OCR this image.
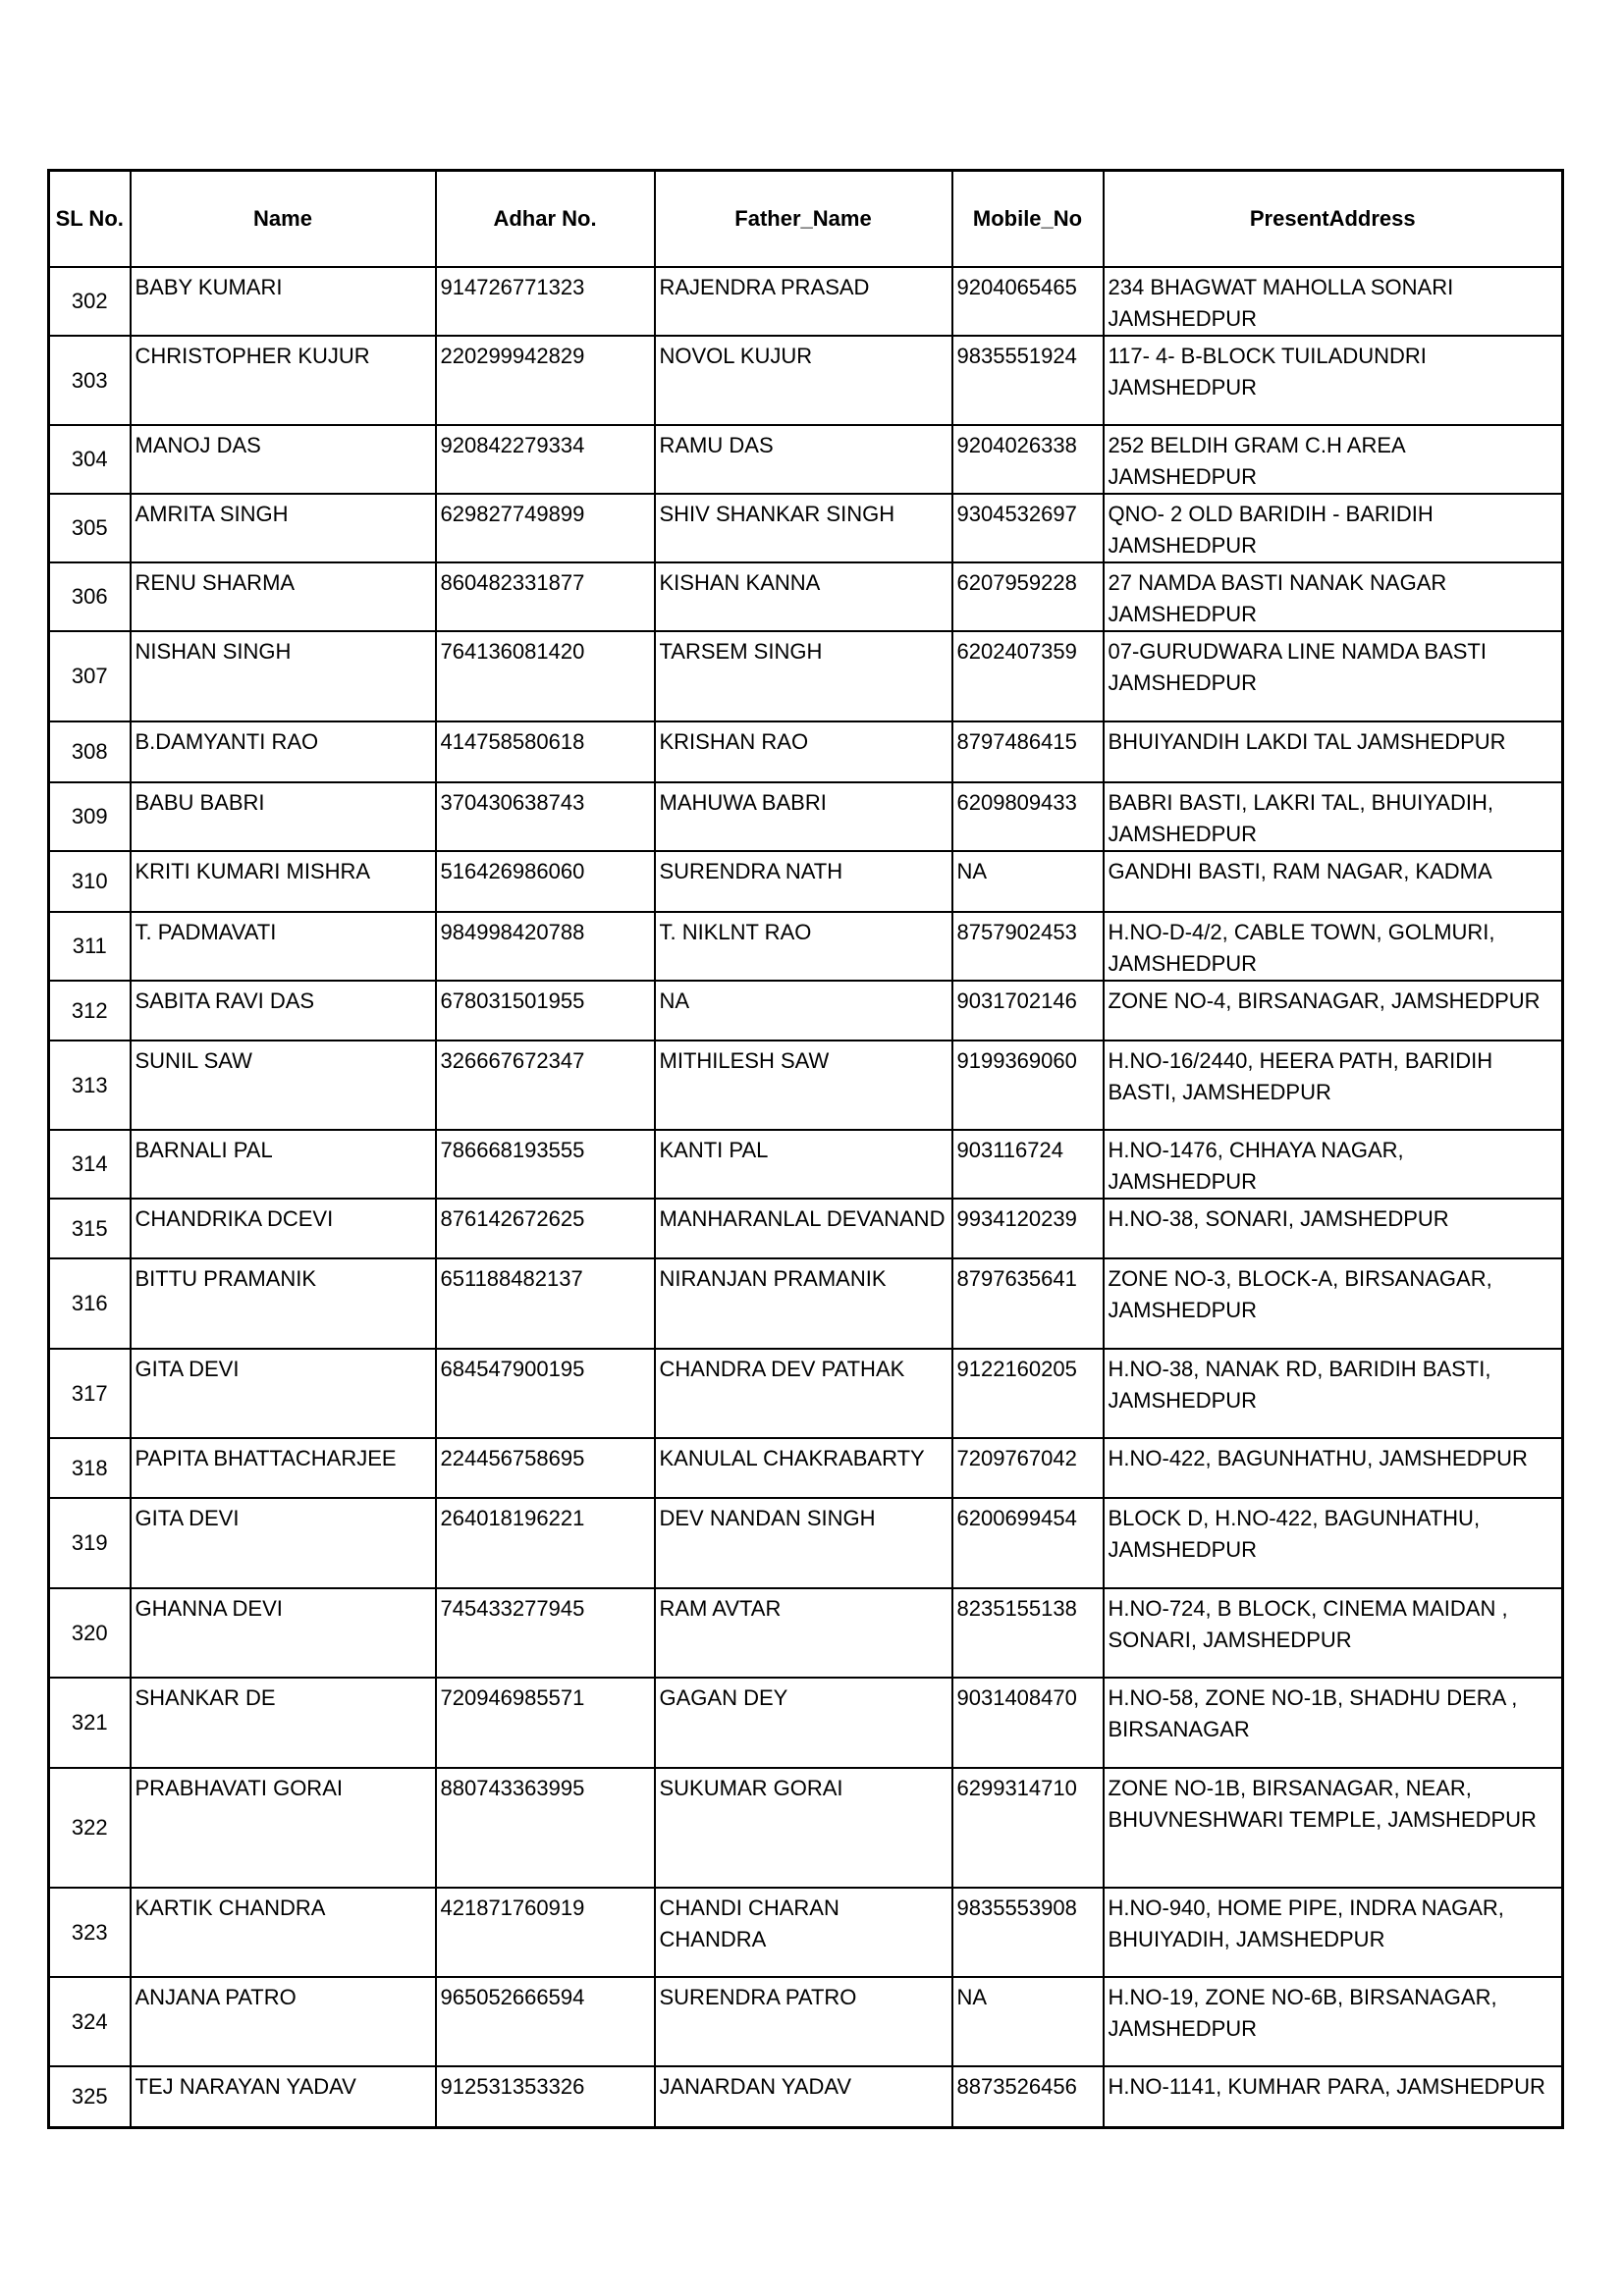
SL No.	Name	Adhar No.	Father_Name	Mobile_No	PresentAddress
302	BABY KUMARI	914726771323	RAJENDRA PRASAD	9204065465	234 BHAGWAT MAHOLLA SONARI JAMSHEDPUR
303	CHRISTOPHER KUJUR	220299942829	NOVOL KUJUR	9835551924	117- 4- B-BLOCK TUILADUNDRI JAMSHEDPUR
304	MANOJ DAS	920842279334	RAMU DAS	9204026338	252 BELDIH GRAM C.H AREA JAMSHEDPUR
305	AMRITA SINGH	629827749899	SHIV SHANKAR SINGH	9304532697	QNO- 2 OLD BARIDIH - BARIDIH JAMSHEDPUR
306	RENU SHARMA	860482331877	KISHAN KANNA	6207959228	27 NAMDA BASTI NANAK NAGAR JAMSHEDPUR
307	NISHAN SINGH	764136081420	TARSEM SINGH	6202407359	07-GURUDWARA LINE NAMDA BASTI JAMSHEDPUR
308	B.DAMYANTI RAO	414758580618	KRISHAN RAO	8797486415	BHUIYANDIH LAKDI TAL JAMSHEDPUR
309	BABU BABRI	370430638743	MAHUWA BABRI	6209809433	BABRI BASTI, LAKRI TAL, BHUIYADIH, JAMSHEDPUR
310	KRITI KUMARI MISHRA	516426986060	SURENDRA NATH	NA	GANDHI BASTI, RAM NAGAR, KADMA
311	T. PADMAVATI	984998420788	T. NIKLNT RAO	8757902453	H.NO-D-4/2, CABLE TOWN, GOLMURI, JAMSHEDPUR
312	SABITA RAVI DAS	678031501955	NA	9031702146	ZONE NO-4, BIRSANAGAR, JAMSHEDPUR
313	SUNIL SAW	326667672347	MITHILESH SAW	9199369060	H.NO-16/2440, HEERA PATH, BARIDIH BASTI, JAMSHEDPUR
314	BARNALI PAL	786668193555	KANTI PAL	903116724	H.NO-1476, CHHAYA NAGAR, JAMSHEDPUR
315	CHANDRIKA DCEVI	876142672625	MANHARANLAL DEVANAND	9934120239	H.NO-38, SONARI, JAMSHEDPUR
316	BITTU PRAMANIK	651188482137	NIRANJAN PRAMANIK	8797635641	ZONE NO-3, BLOCK-A, BIRSANAGAR, JAMSHEDPUR
317	GITA DEVI	684547900195	CHANDRA DEV PATHAK	9122160205	H.NO-38, NANAK RD, BARIDIH BASTI, JAMSHEDPUR
318	PAPITA BHATTACHARJEE	224456758695	KANULAL CHAKRABARTY	7209767042	H.NO-422, BAGUNHATHU, JAMSHEDPUR
319	GITA DEVI	264018196221	DEV NANDAN SINGH	6200699454	BLOCK D, H.NO-422, BAGUNHATHU, JAMSHEDPUR
320	GHANNA DEVI	745433277945	RAM AVTAR	8235155138	H.NO-724, B BLOCK, CINEMA MAIDAN , SONARI, JAMSHEDPUR
321	SHANKAR DE	720946985571	GAGAN DEY	9031408470	H.NO-58, ZONE NO-1B, SHADHU DERA , BIRSANAGAR
322	PRABHAVATI GORAI	880743363995	SUKUMAR GORAI	6299314710	ZONE NO-1B, BIRSANAGAR, NEAR, BHUVNESHWARI TEMPLE, JAMSHEDPUR
323	KARTIK CHANDRA	421871760919	CHANDI CHARAN CHANDRA	9835553908	H.NO-940, HOME PIPE, INDRA NAGAR, BHUIYADIH, JAMSHEDPUR
324	ANJANA PATRO	965052666594	SURENDRA PATRO	NA	H.NO-19, ZONE NO-6B, BIRSANAGAR, JAMSHEDPUR
325	TEJ NARAYAN YADAV	912531353326	JANARDAN YADAV	8873526456	H.NO-1141, KUMHAR PARA, JAMSHEDPUR
